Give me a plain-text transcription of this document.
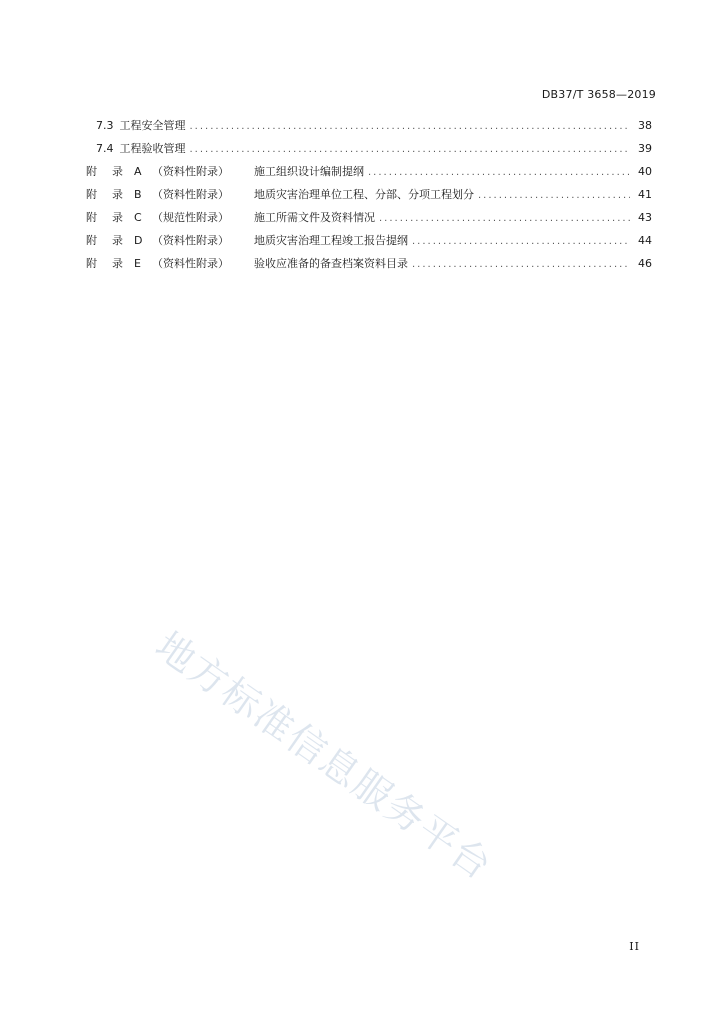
DB37/T 3658—2019
7.3 工程安全管理 .....	38
7.4 工程验收管理 .....	39
附	录	A （资料性附录）	施工组织设计编制提纲 .....	40
附	录	B （资料性附录）	地质灾害治理单位工程、分部、分项工程划分 .....	41
附	录	C （规范性附录）	施工所需文件及资料情况 .....	43
附	录	D （资料性附录）	地质灾害治理工程竣工报告提纲 .....	44
附	录	E	（资料性附录）	验收应准备的备查档案资料目录 .....	46
地方标准信息服务平台
II
